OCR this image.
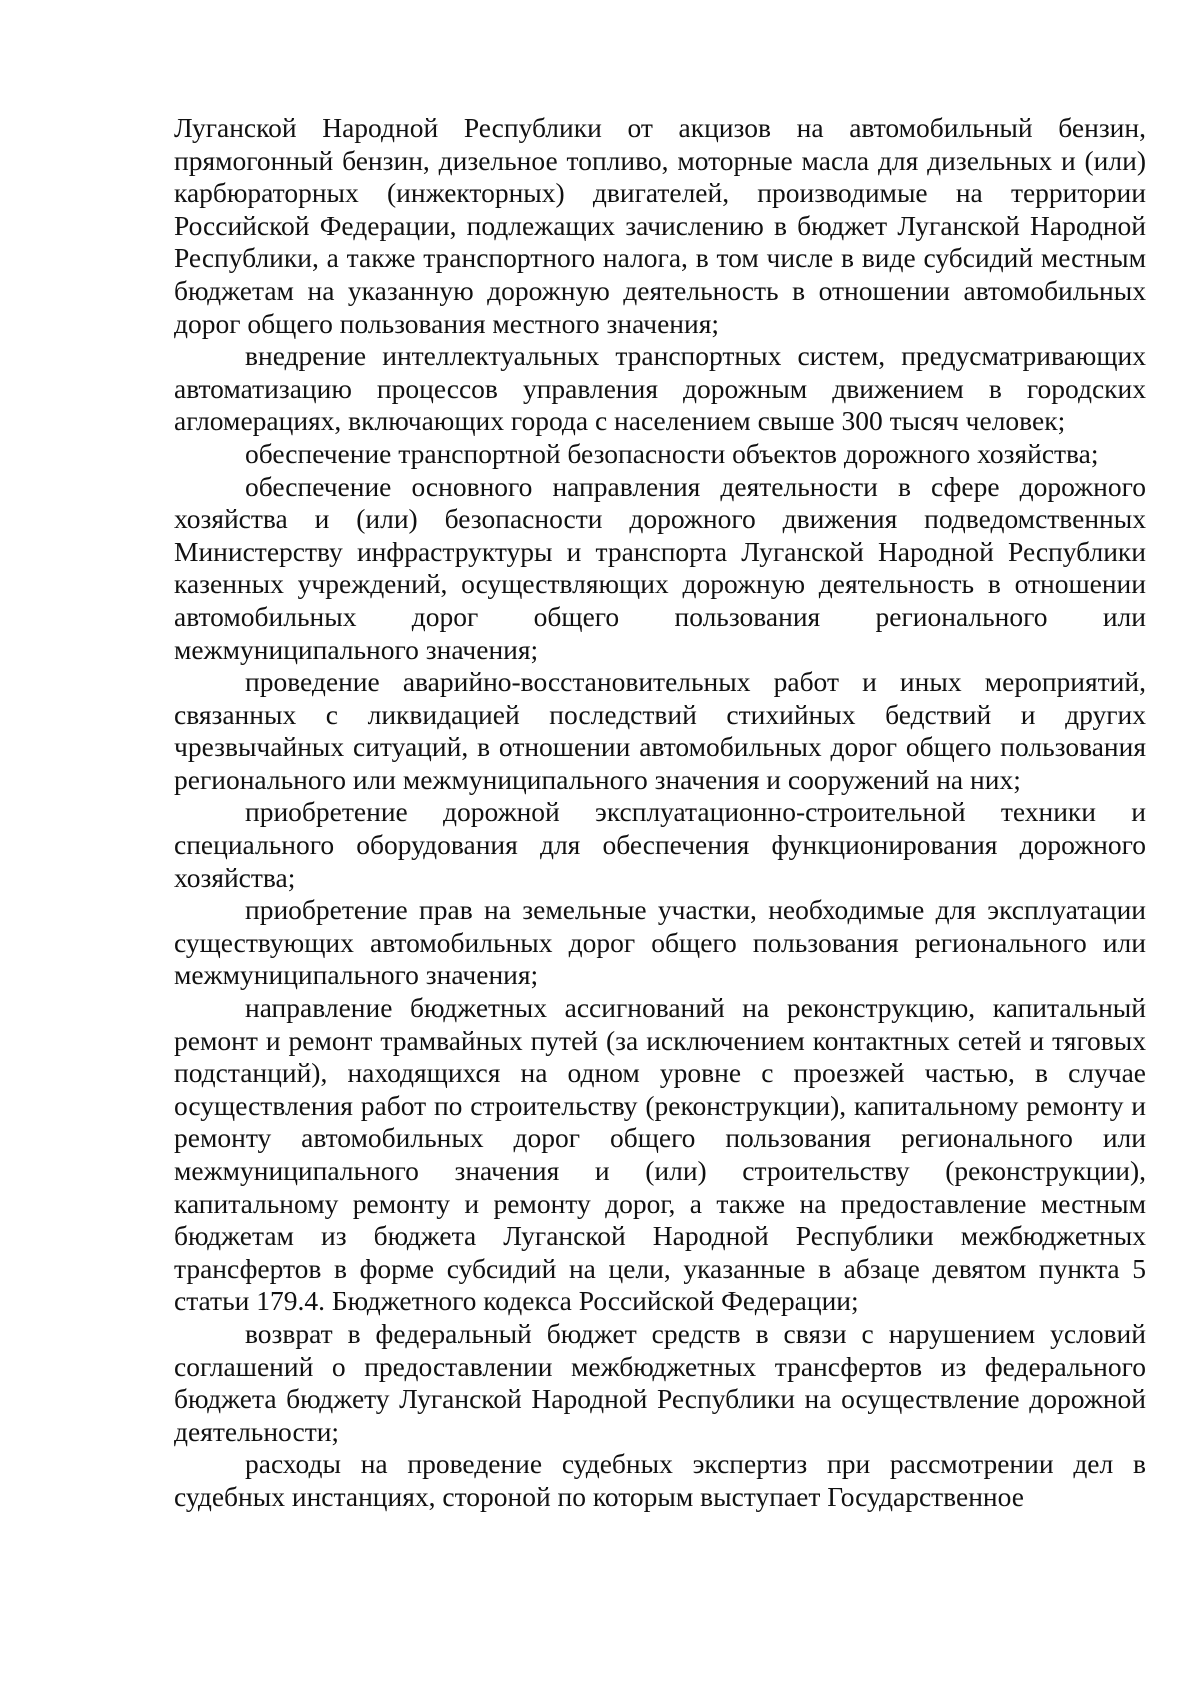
Луганской Народной Республики от акцизов на автомобильный бензин, прямогонный бензин, дизельное топливо, моторные масла для дизельных и (или) карбюраторных (инжекторных) двигателей, производимые на территории Российской Федерации, подлежащих зачислению в бюджет Луганской Народной Республики, а также транспортного налога, в том числе в виде субсидий местным бюджетам на указанную дорожную деятельность в отношении автомобильных дорог общего пользования местного значения;

внедрение интеллектуальных транспортных систем, предусматривающих автоматизацию процессов управления дорожным движением в городских агломерациях, включающих города с населением свыше 300 тысяч человек;

обеспечение транспортной безопасности объектов дорожного хозяйства;

обеспечение основного направления деятельности в сфере дорожного хозяйства и (или) безопасности дорожного движения подведомственных Министерству инфраструктуры и транспорта Луганской Народной Республики казенных учреждений, осуществляющих дорожную деятельность в отношении автомобильных дорог общего пользования регионального или межмуниципального значения;

проведение аварийно-восстановительных работ и иных мероприятий, связанных с ликвидацией последствий стихийных бедствий и других чрезвычайных ситуаций, в отношении автомобильных дорог общего пользования регионального или межмуниципального значения и сооружений на них;

приобретение дорожной эксплуатационно-строительной техники и специального оборудования для обеспечения функционирования дорожного хозяйства;

приобретение прав на земельные участки, необходимые для эксплуатации существующих автомобильных дорог общего пользования регионального или межмуниципального значения;

направление бюджетных ассигнований на реконструкцию, капитальный ремонт и ремонт трамвайных путей (за исключением контактных сетей и тяговых подстанций), находящихся на одном уровне с проезжей частью, в случае осуществления работ по строительству (реконструкции), капитальному ремонту и ремонту автомобильных дорог общего пользования регионального или межмуниципального значения и (или) строительству (реконструкции), капитальному ремонту и ремонту дорог, а также на предоставление местным бюджетам из бюджета Луганской Народной Республики межбюджетных трансфертов в форме субсидий на цели, указанные в абзаце девятом пункта 5 статьи 179.4. Бюджетного кодекса Российской Федерации;

возврат в федеральный бюджет средств в связи с нарушением условий соглашений о предоставлении межбюджетных трансфертов из федерального бюджета бюджету Луганской Народной Республики на осуществление дорожной деятельности;

расходы на проведение судебных экспертиз при рассмотрении дел в судебных инстанциях, стороной по которым выступает Государственное
